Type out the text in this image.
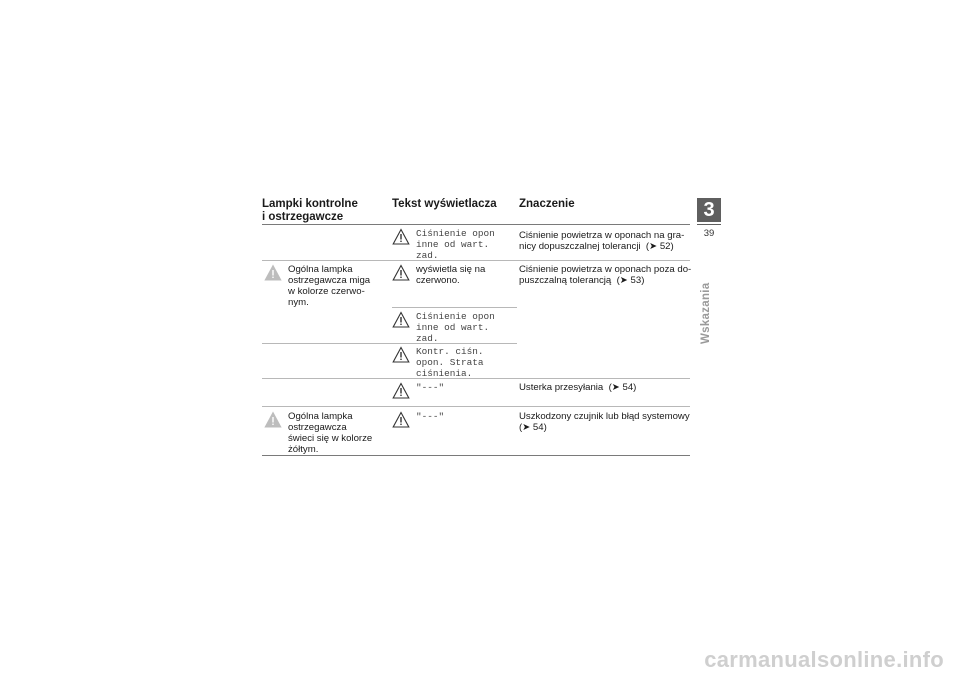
Lampki kontrolne
i ostrzegawcze
Tekst wyświetlacza Znaczenie
Ciśnienie opon
inne od wart.
zad.
Ciśnienie powietrza w oponach na gra-
nicy dopuszczalnej tolerancji  (➤ 52)
Ogólna lampka
ostrzegawcza miga
w kolorze czerwo-
nym.
wyświetla się na
czerwono.
Ciśnienie powietrza w oponach poza do-
puszczalną tolerancją  (➤ 53)
Ciśnienie opon
inne od wart.
zad.
Kontr. ciśn.
opon. Strata
ciśnienia.
"---"	Usterka przesyłania  (➤ 54)
Ogólna lampka
ostrzegawcza
świeci się w kolorze
żółtym.
"---"	Uszkodzony czujnik lub błąd systemowy
(➤ 54)
3
39
Wskazania
carmanualsonline.info
